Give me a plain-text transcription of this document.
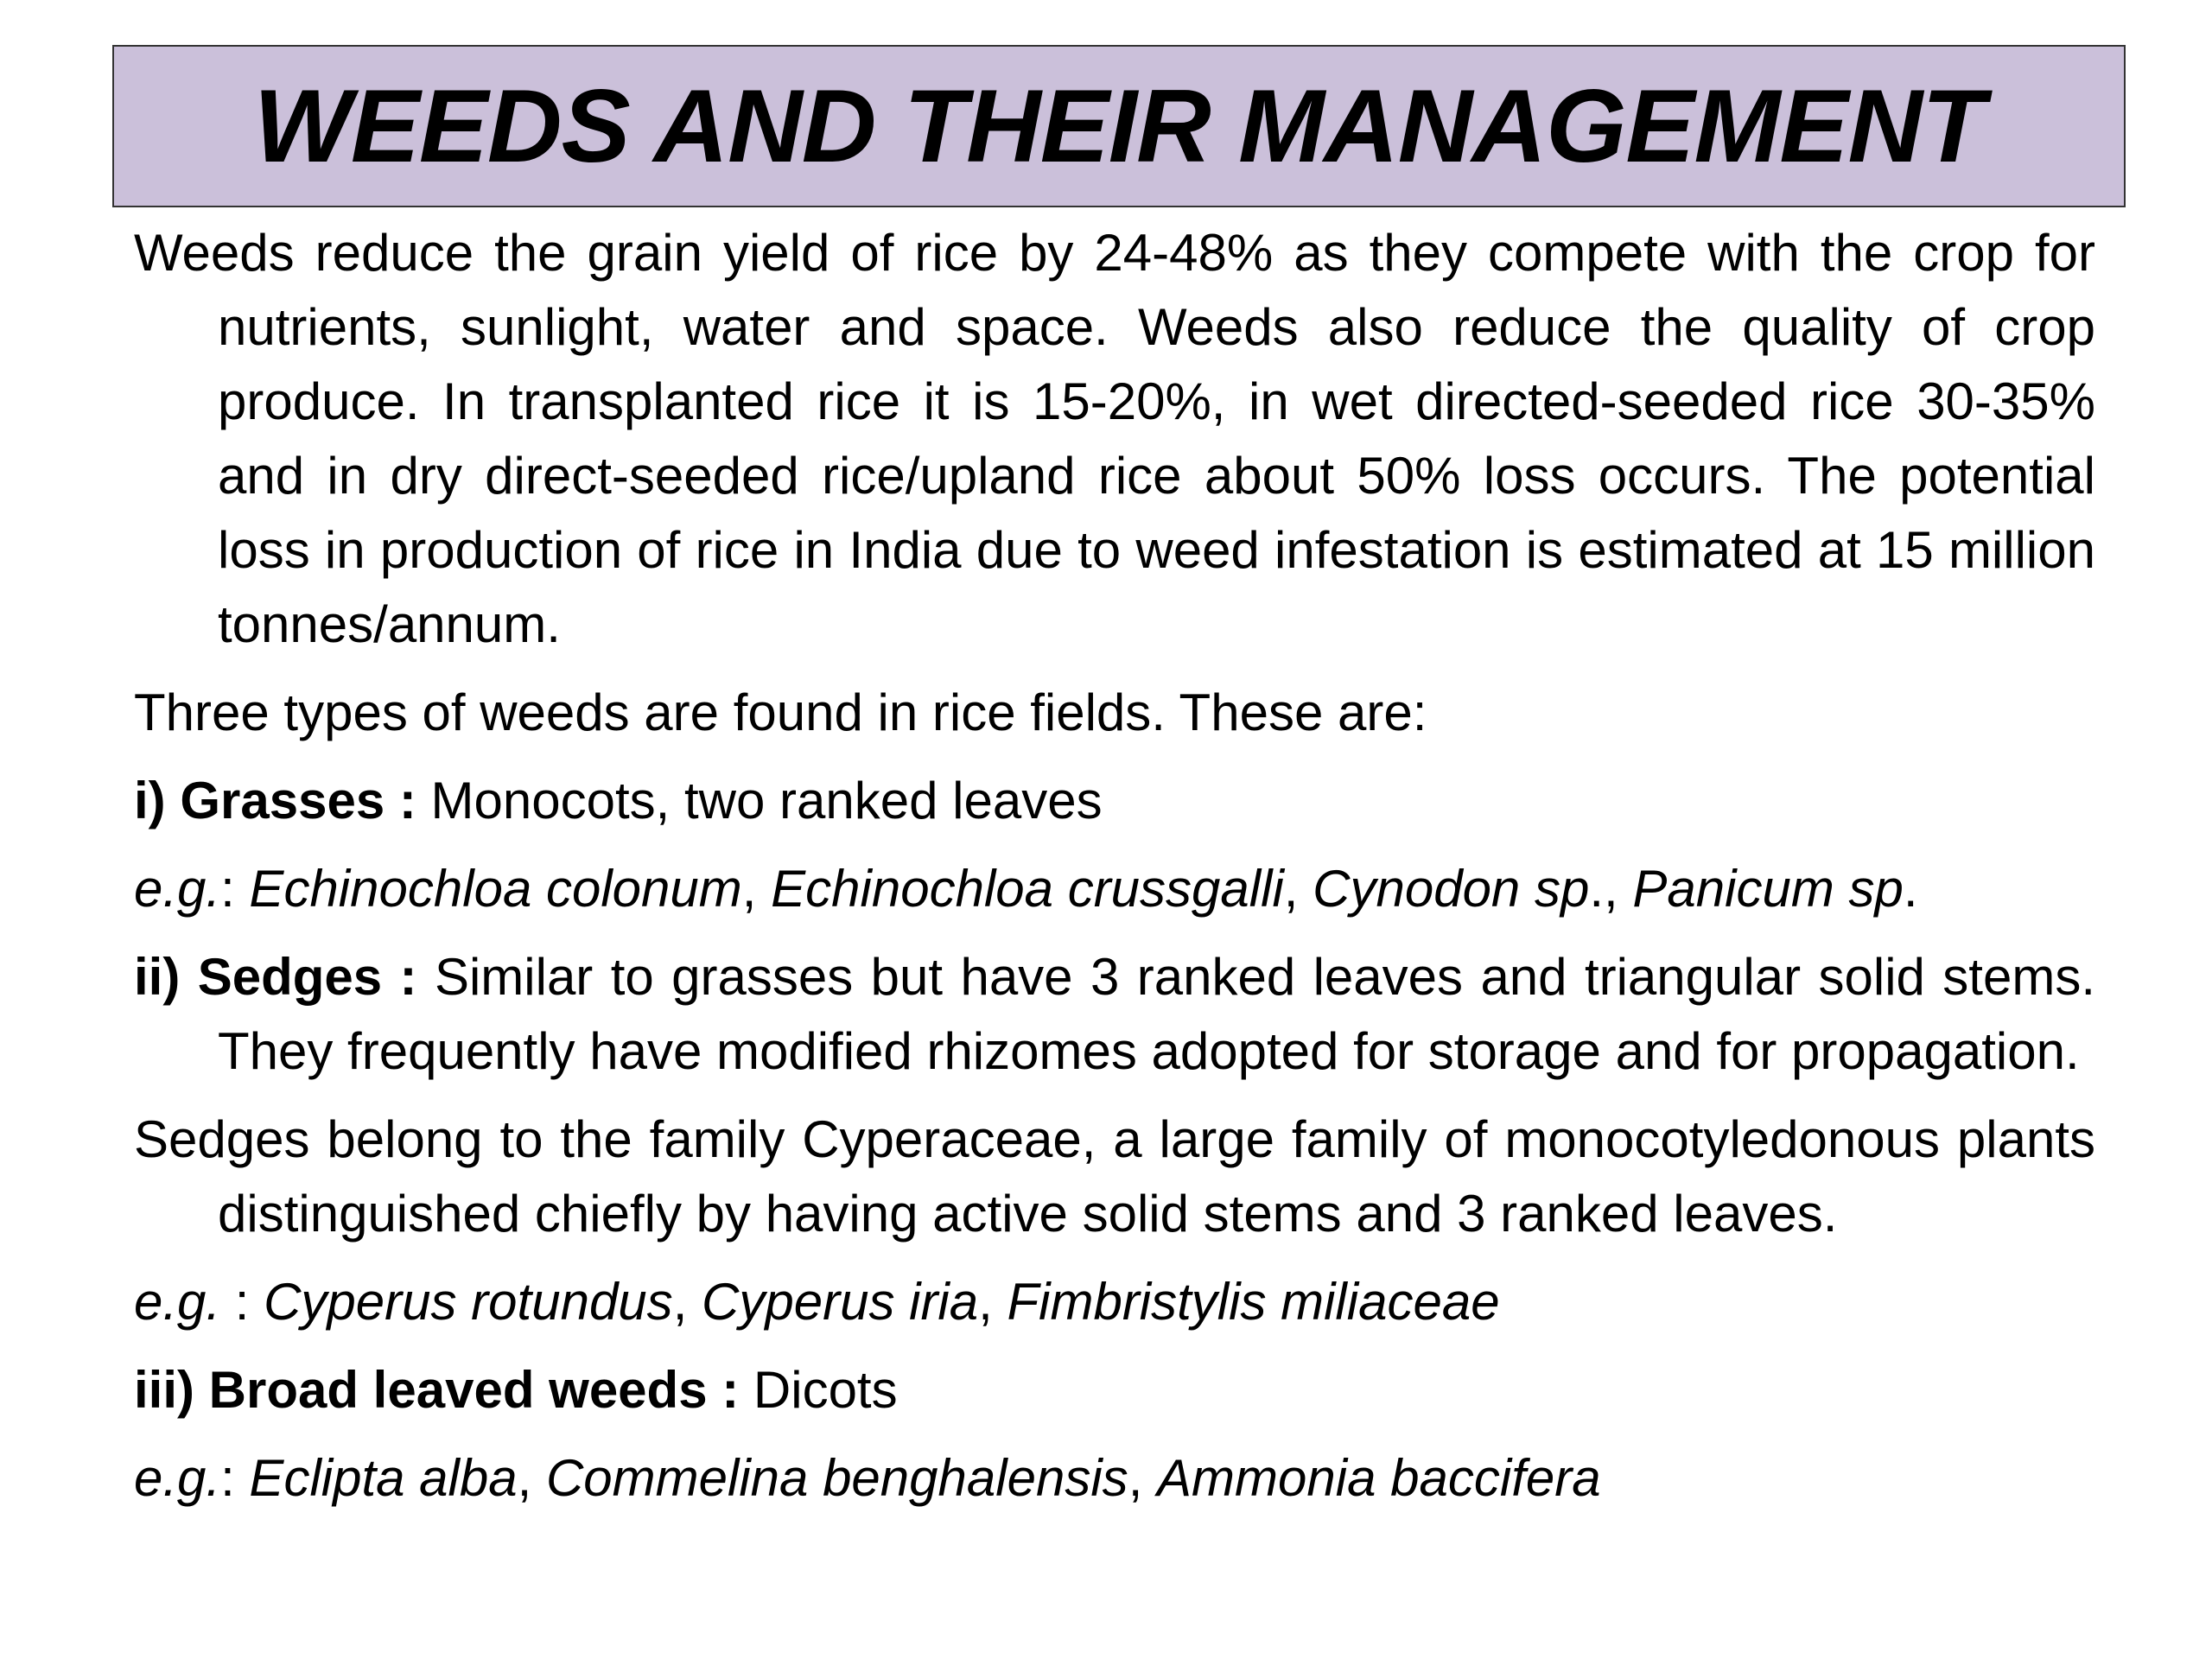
WEEDS AND THEIR MANAGEMENT

Weeds reduce the grain yield of rice by 24-48% as they compete with the crop for nutrients, sunlight, water and space. Weeds also reduce the quality of crop produce. In transplanted rice it is 15-20%, in wet directed-seeded rice 30-35% and in dry direct-seeded rice/upland rice about 50% loss occurs. The potential loss in production of rice in India due to weed infestation is estimated at 15 million tonnes/annum.

Three types of weeds are found in rice fields. These are:

i) Grasses : Monocots, two ranked leaves

e.g.: Echinochloa colonum, Echinochloa crussgalli, Cynodon sp., Panicum sp.

ii) Sedges : Similar to grasses but have 3 ranked leaves and triangular solid stems. They frequently have modified rhizomes adopted for storage and for propagation.

Sedges belong to the family Cyperaceae, a large family of monocotyledonous plants distinguished chiefly by having active solid stems and 3 ranked leaves.

e.g. : Cyperus rotundus, Cyperus iria, Fimbristylis miliaceae

iii) Broad leaved weeds : Dicots

e.g.: Eclipta alba, Commelina benghalensis, Ammonia baccifera
